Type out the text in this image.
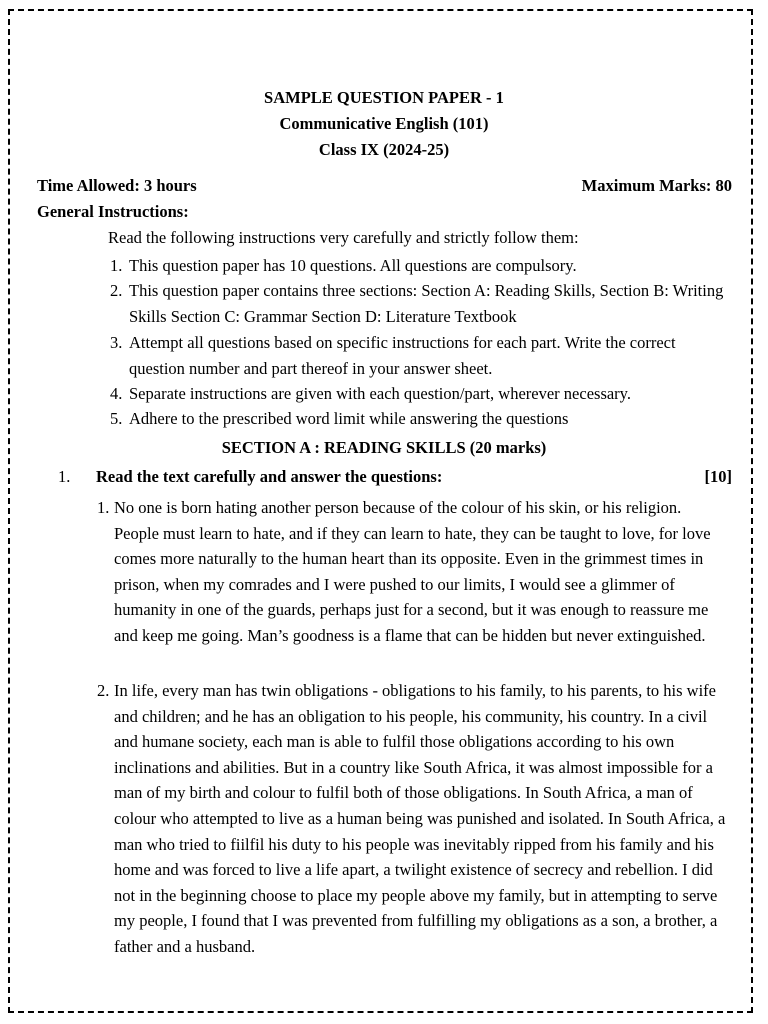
SAMPLE QUESTION PAPER - 1
Communicative English (101)
Class IX (2024-25)
Time Allowed: 3 hours	Maximum Marks: 80
General Instructions:
Read the following instructions very carefully and strictly follow them:
1. This question paper has 10 questions. All questions are compulsory.
2. This question paper contains three sections: Section A: Reading Skills, Section B: Writing Skills Section C: Grammar Section D: Literature Textbook
3. Attempt all questions based on specific instructions for each part. Write the correct question number and part thereof in your answer sheet.
4. Separate instructions are given with each question/part, wherever necessary.
5. Adhere to the prescribed word limit while answering the questions
SECTION A : READING SKILLS (20 marks)
1. Read the text carefully and answer the questions:	[10]
1. No one is born hating another person because of the colour of his skin, or his religion. People must learn to hate, and if they can learn to hate, they can be taught to love, for love comes more naturally to the human heart than its opposite. Even in the grimmest times in prison, when my comrades and I were pushed to our limits, I would see a glimmer of humanity in one of the guards, perhaps just for a second, but it was enough to reassure me and keep me going. Man’s goodness is a flame that can be hidden but never extinguished.
2. In life, every man has twin obligations - obligations to his family, to his parents, to his wife and children; and he has an obligation to his people, his community, his country. In a civil and humane society, each man is able to fulfil those obligations according to his own inclinations and abilities. But in a country like South Africa, it was almost impossible for a man of my birth and colour to fulfil both of those obligations. In South Africa, a man of colour who attempted to live as a human being was punished and isolated. In South Africa, a man who tried to fiilfil his duty to his people was inevitably ripped from his family and his home and was forced to live a life apart, a twilight existence of secrecy and rebellion. I did not in the beginning choose to place my people above my family, but in attempting to serve my people, I found that I was prevented from fulfilling my obligations as a son, a brother, a father and a husband.
